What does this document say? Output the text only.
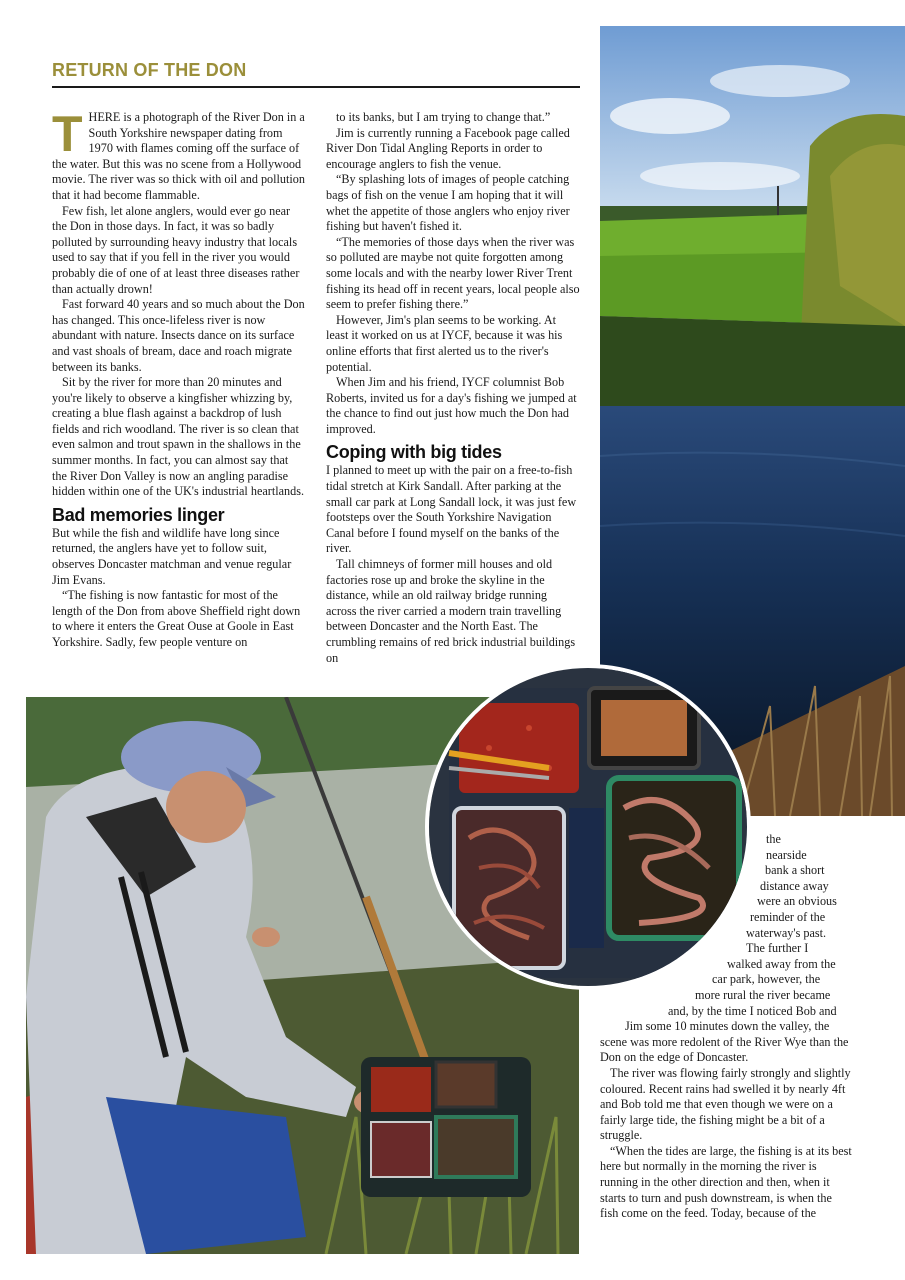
RETURN OF THE DON
T HERE is a photograph of the River Don in a South Yorkshire newspaper dating from 1970 with flames coming off the surface of the water. But this was no scene from a Hollywood movie. The river was so thick with oil and pollution that it had become flammable.

Few fish, let alone anglers, would ever go near the Don in those days. In fact, it was so badly polluted by surrounding heavy industry that locals used to say that if you fell in the river you would probably die of one of at least three diseases rather than actually drown!

Fast forward 40 years and so much about the Don has changed. This once-lifeless river is now abundant with nature. Insects dance on its surface and vast shoals of bream, dace and roach migrate between its banks.

Sit by the river for more than 20 minutes and you're likely to observe a kingfisher whizzing by, creating a blue flash against a backdrop of lush fields and rich woodland. The river is so clean that even salmon and trout spawn in the shallows in the summer months. In fact, you can almost say that the River Don Valley is now an angling paradise hidden within one of the UK's industrial heartlands.

Bad memories linger

But while the fish and wildlife have long since returned, the anglers have yet to follow suit, observes Doncaster matchman and venue regular Jim Evans.

“The fishing is now fantastic for most of the length of the Don from above Sheffield right down to where it enters the Great Ouse at Goole in East Yorkshire. Sadly, few people venture on

to its banks, but I am trying to change that.”

Jim is currently running a Facebook page called River Don Tidal Angling Reports in order to encourage anglers to fish the venue.

“By splashing lots of images of people catching bags of fish on the venue I am hoping that it will whet the appetite of those anglers who enjoy river fishing but haven't fished it.

“The memories of those days when the river was so polluted are maybe not quite forgotten among some locals and with the nearby lower River Trent fishing its head off in recent years, local people also seem to prefer fishing there.”

However, Jim's plan seems to be working. At least it worked on us at IYCF, because it was his online efforts that first alerted us to the river's potential.

When Jim and his friend, IYCF columnist Bob Roberts, invited us for a day's fishing we jumped at the chance to find out just how much the Don had improved.

Coping with big tides

I planned to meet up with the pair on a free-to-fish tidal stretch at Kirk Sandall. After parking at the small car park at Long Sandall lock, it was just few footsteps over the South Yorkshire Navigation Canal before I found myself on the banks of the river.

Tall chimneys of former mill houses and old factories rose up and broke the skyline in the distance, while an old railway bridge running across the river carried a modern train travelling between Doncaster and the North East. The crumbling remains of red brick industrial buildings on

the nearside
bank a short
distance away
were an obvious
reminder of the
waterway's past.
The further I
walked away from the
car park, however, the
more rural the river became
and, by the time I noticed Bob and
Jim some 10 minutes down the valley, the

scene was more redolent of the River Wye than the Don on the edge of Doncaster.

The river was flowing fairly strongly and slightly coloured. Recent rains had swelled it by nearly 4ft and Bob told me that even though we were on a fairly large tide, the fishing might be a bit of a struggle.

“When the tides are large, the fishing is at its best here but normally in the morning the river is running in the other direction and then, when it starts to turn and push downstream, is when the fish come on the feed. Today, because of the
